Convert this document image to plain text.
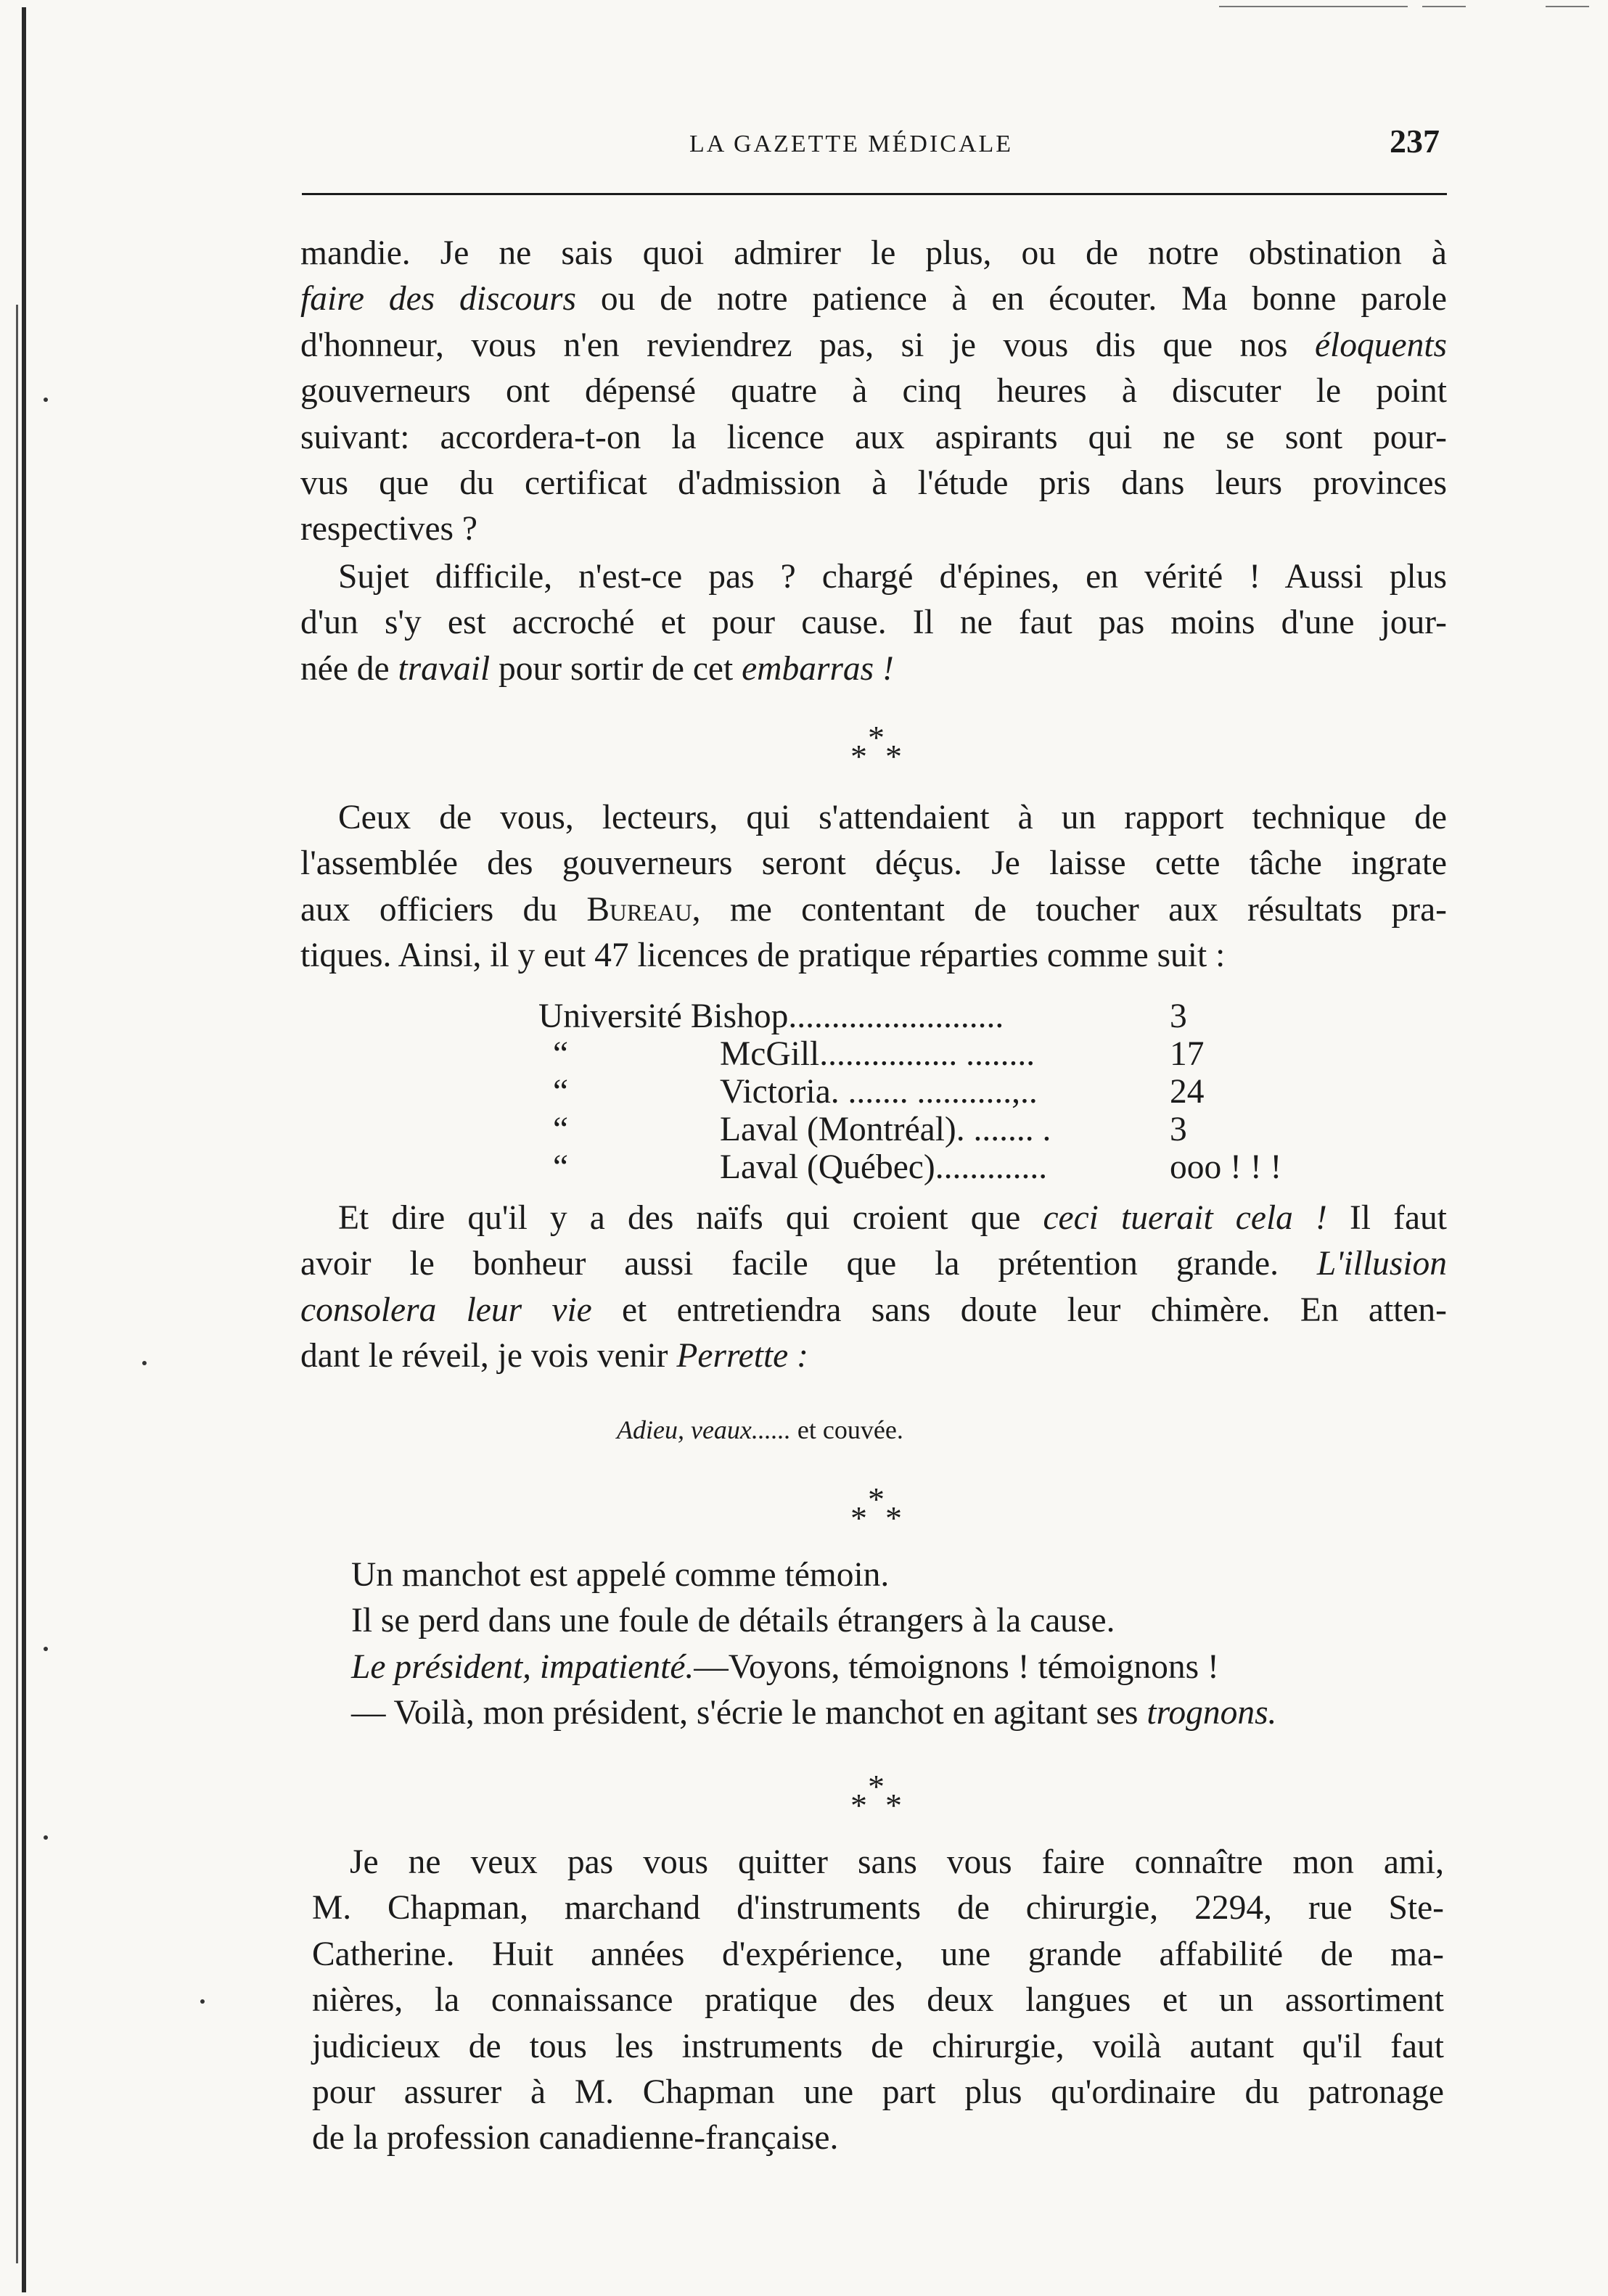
LA GAZETTE MÉDICALE	237
mandie. Je ne sais quoi admirer le plus, ou de notre obstination à
faire des discours ou de notre patience à en écouter. Ma bonne parole
d'honneur, vous n'en reviendrez pas, si je vous dis que nos éloquents
gouverneurs ont dépensé quatre à cinq heures à discuter le point
suivant: accordera-t-on la licence aux aspirants qui ne se sont pour-
vus que du certificat d'admission à l'étude pris dans leurs provinces
respectives ?
Sujet difficile, n'est-ce pas ? chargé d'épines, en vérité ! Aussi plus
d'un s'y est accroché et pour cause. Il ne faut pas moins d'une jour-
née de travail pour sortir de cet embarras !
*
* *
Ceux de vous, lecteurs, qui s'attendaient à un rapport technique de
l'assemblée des gouverneurs seront déçus. Je laisse cette tâche ingrate
aux officiers du Bureau, me contentant de toucher aux résultats pra-
tiques. Ainsi, il y eut 47 licences de pratique réparties comme suit :
Université Bishop.........................	3
“	McGill................ ........	17
“	Victoria. ....... ...........,..	24
“	Laval (Montréal). ....... .	3
“	Laval (Québec).............	ooo ! ! !
Et dire qu'il y a des naïfs qui croient que ceci tuerait cela ! Il faut
avoir le bonheur aussi facile que la prétention grande. L'illusion
consolera leur vie et entretiendra sans doute leur chimère. En atten-
dant le réveil, je vois venir Perrette :
Adieu, veaux...... et couvée.
*
* *
Un manchot est appelé comme témoin.
Il se perd dans une foule de détails étrangers à la cause.
Le président, impatienté.—Voyons, témoignons ! témoignons !
— Voilà, mon président, s'écrie le manchot en agitant ses trognons.
*
* *
Je ne veux pas vous quitter sans vous faire connaître mon ami,
M. Chapman, marchand d'instruments de chirurgie, 2294, rue Ste-
Catherine. Huit années d'expérience, une grande affabilité de ma-
nières, la connaissance pratique des deux langues et un assortiment
judicieux de tous les instruments de chirurgie, voilà autant qu'il faut
pour assurer à M. Chapman une part plus qu'ordinaire du patronage
de la profession canadienne-française.
